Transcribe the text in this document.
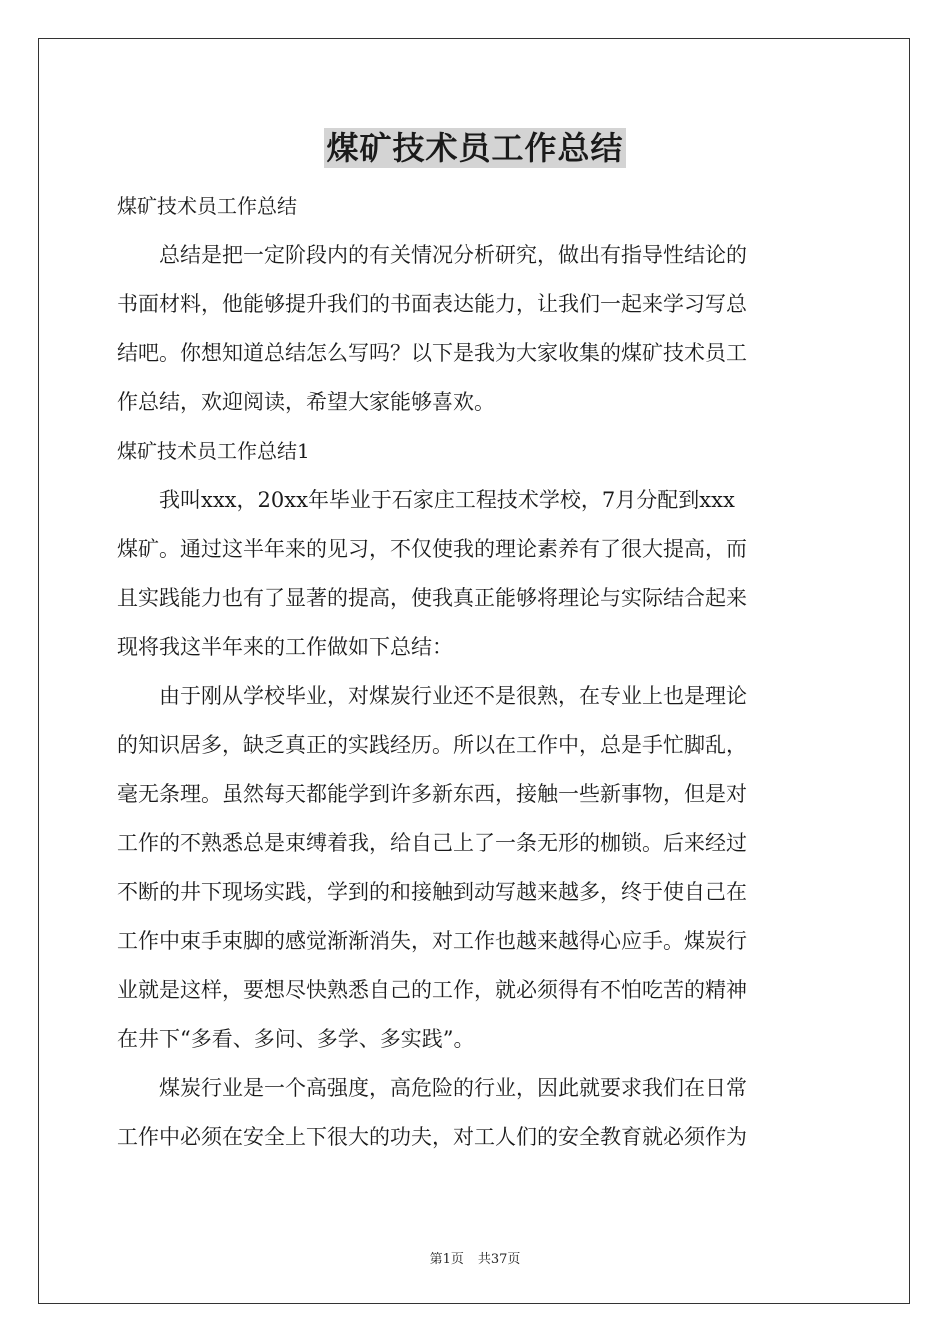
煤矿技术员工作总结

煤矿技术员工作总结

　　总结是把一定阶段内的有关情况分析研究，做出有指导性结论的

书面材料，他能够提升我们的书面表达能力，让我们一起来学习写总

结吧。你想知道总结怎么写吗？以下是我为大家收集的煤矿技术员工

作总结，欢迎阅读，希望大家能够喜欢。

煤矿技术员工作总结1

　　我叫xxx，20xx年毕业于石家庄工程技术学校，7月分配到xxx

煤矿。通过这半年来的见习，不仅使我的理论素养有了很大提高，而

且实践能力也有了显著的提高，使我真正能够将理论与实际结合起来

现将我这半年来的工作做如下总结：

　　由于刚从学校毕业，对煤炭行业还不是很熟，在专业上也是理论

的知识居多，缺乏真正的实践经历。所以在工作中，总是手忙脚乱，

毫无条理。虽然每天都能学到许多新东西，接触一些新事物，但是对

工作的不熟悉总是束缚着我，给自己上了一条无形的枷锁。后来经过

不断的井下现场实践，学到的和接触到动写越来越多，终于使自己在

工作中束手束脚的感觉渐渐消失，对工作也越来越得心应手。煤炭行

业就是这样，要想尽快熟悉自己的工作，就必须得有不怕吃苦的精神

在井下“多看、多问、多学、多实践”。

　　煤炭行业是一个高强度，高危险的行业，因此就要求我们在日常

工作中必须在安全上下很大的功夫，对工人们的安全教育就必须作为

第1页 共37页
